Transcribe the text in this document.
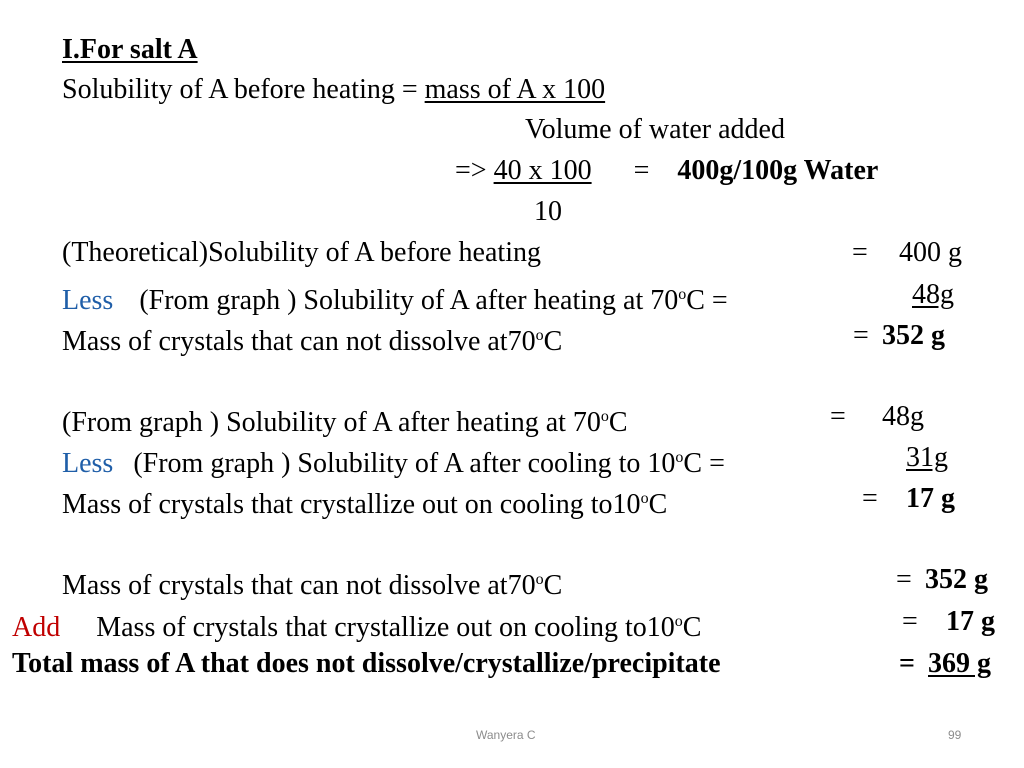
I.For salt A
Solubility of A before heating = mass of A x 100
Volume of water added
=> 40 x 100      =    400g/100g Water
10
(Theoretical)Solubility of A before heating	= 400 g
Less (From graph ) Solubility of A after heating at $70^oC$ =	48g
Mass of crystals that can not dissolve $at70^oC$	= 352 g
(From graph ) Solubility of A after heating at $70^oC$	= 48g
Less (From graph ) Solubility of A after cooling to $10^oC$ =	31g
Mass of crystals that crystallize out on cooling $to10^oC$	= 17 g
Mass of crystals that can not dissolve $at70^oC$	= 352 g
Add Mass of crystals that crystallize out on cooling $to10^oC$	= 17 g
Total mass of A that does not dissolve/crystallize/precipitate	= 369 g
Wanyera C	99
